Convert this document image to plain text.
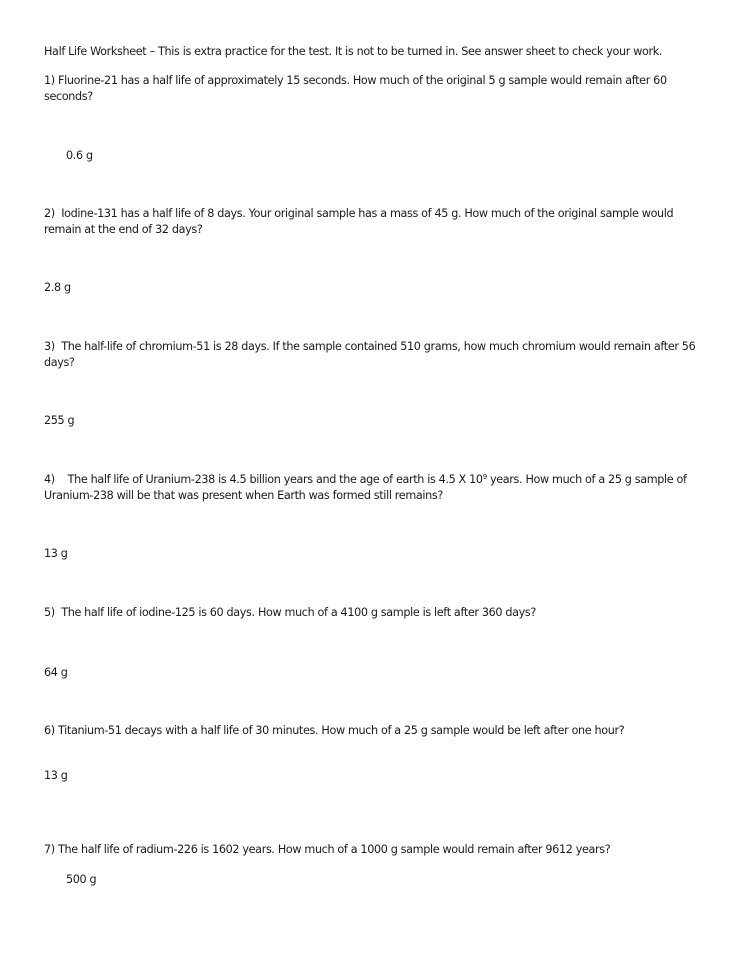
Half Life Worksheet – This is extra practice for the test. It is not to be turned in. See answer sheet to check your work.
1) Fluorine-21 has a half life of approximately 15 seconds. How much of the original 5 g sample would remain after 60 seconds?
0.6 g
2) Iodine-131 has a half life of 8 days. Your original sample has a mass of 45 g. How much of the original sample would remain at the end of 32 days?
2.8 g
3) The half-life of chromium-51 is 28 days. If the sample contained 510 grams, how much chromium would remain after 56 days?
255 g
4) The half life of Uranium-238 is 4.5 billion years and the age of earth is 4.5 X $10^9$ years. How much of a 25 g sample of Uranium-238 will be that was present when Earth was formed still remains?
13 g
5) The half life of iodine-125 is 60 days. How much of a 4100 g sample is left after 360 days?
64 g
6) Titanium-51 decays with a half life of 30 minutes. How much of a 25 g sample would be left after one hour?
13 g
7) The half life of radium-226 is 1602 years. How much of a 1000 g sample would remain after 9612 years?
500 g
